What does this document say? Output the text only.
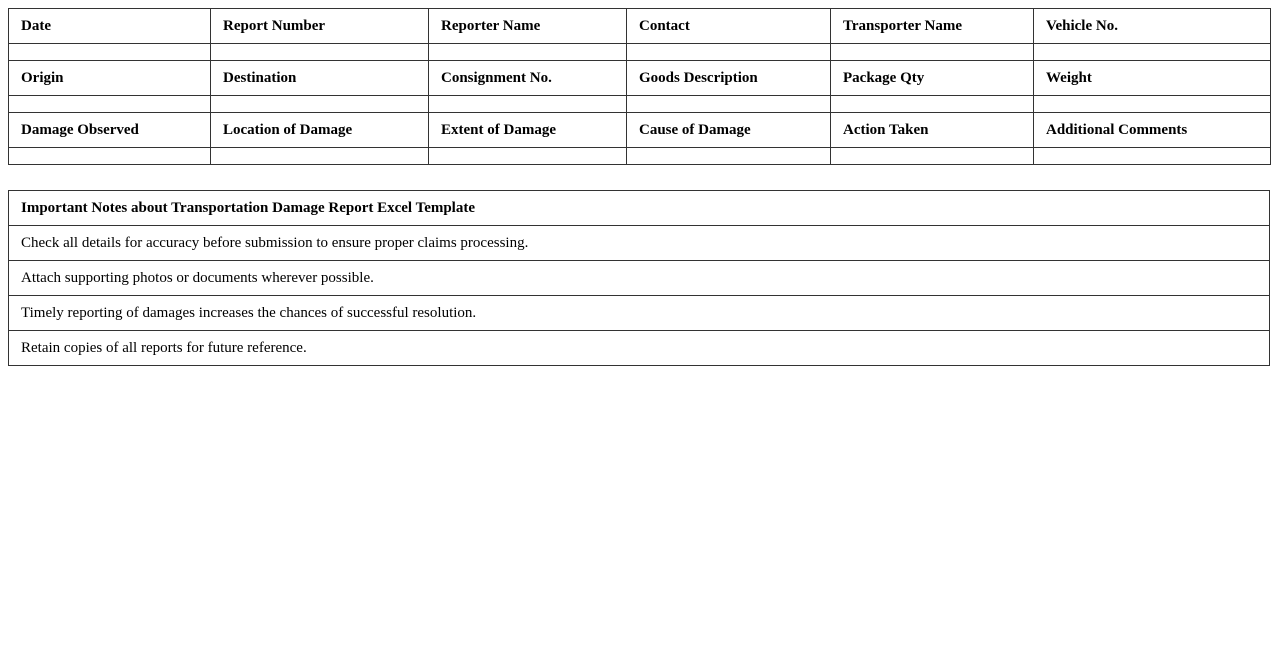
Date	Report Number	Reporter Name	Contact	Transporter Name	Vehicle No.

Origin	Destination	Consignment No.	Goods Description	Package Qty	Weight

Damage Observed	Location of Damage	Extent of Damage	Cause of Damage	Action Taken	Additional Comments

Important Notes about Transportation Damage Report Excel Template
Check all details for accuracy before submission to ensure proper claims processing.
Attach supporting photos or documents wherever possible.
Timely reporting of damages increases the chances of successful resolution.
Retain copies of all reports for future reference.
